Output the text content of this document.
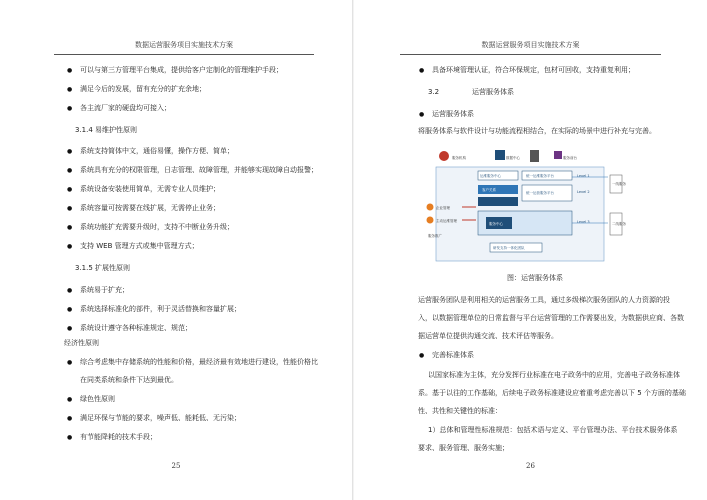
数据运营服务项目实施技术方案
● 可以与第三方管理平台集成，提供给客户定制化的管理维护手段；
● 满足今后的发展，留有充分的扩充余地；
● 各主流厂家的硬盘均可接入；
3.1.4 易维护性原则
● 系统支持简体中文，通俗易懂，操作方便、简单；
● 系统具有充分的权限管理，日志管理、故障管理，并能够实现故障自动报警；
● 系统设备安装使用简单，无需专业人员维护；
● 系统容量可按需要在线扩展，无需停止业务；
● 系统功能扩充需要升级时，支持不中断业务升级；
● 支持 WEB 管理方式或集中管理方式；
3.1.5 扩展性原则
● 系统易于扩充；
● 系统选择标准化的部件，利于灵活替换和容量扩展；
● 系统设计遵守各种标准规定、规范；
经济性原则
● 综合考虑集中存储系统的性能和价格，最经济最有效地进行建设，性能价格比
在同类系统和条件下达到最优。
● 绿色性原则
● 满足环保与节能的要求，噪声低、能耗低、无污染；
● 有节能降耗的技术手段；
25
数据运营服务项目实施技术方案
● 具备环境管理认证，符合环保规定，包材可回收，支持重复利用；
3.2	运营服务体系
● 运营服务体系
将服务体系与软件设计与功能流程相结合，在实际的场景中进行补充与完善。
服务机构	数据中心	服务前台
运维服务中心	统一运维服务平台	Level 1
客户关系
统一运营服务平台	Level 2
服务中心	Level 3
研发支持一体化团队
企业管理
主动运维管理
服务推广
一线服务
二线服务
图：运营服务体系
运营服务团队是利用相关的运营服务工具，通过多级梯次服务团队的人力资源的投
入，以数据管理单位的日常监督与平台运营管理的工作需要出发，为数据供应商、各数
据运营单位提供沟通交流、技术评估等服务。
● 完善标准体系
以国家标准为主体，充分发挥行业标准在电子政务中的应用，完善电子政务标准体
系。基于以往的工作基础，后续电子政务标准建设应着重考虑完善以下 5 个方面的基础
性、共性和关键性的标准：
1）总体和管理性标准规范：包括术语与定义、平台管理办法、平台技术服务体系
要求、服务管理、服务实施；
26
